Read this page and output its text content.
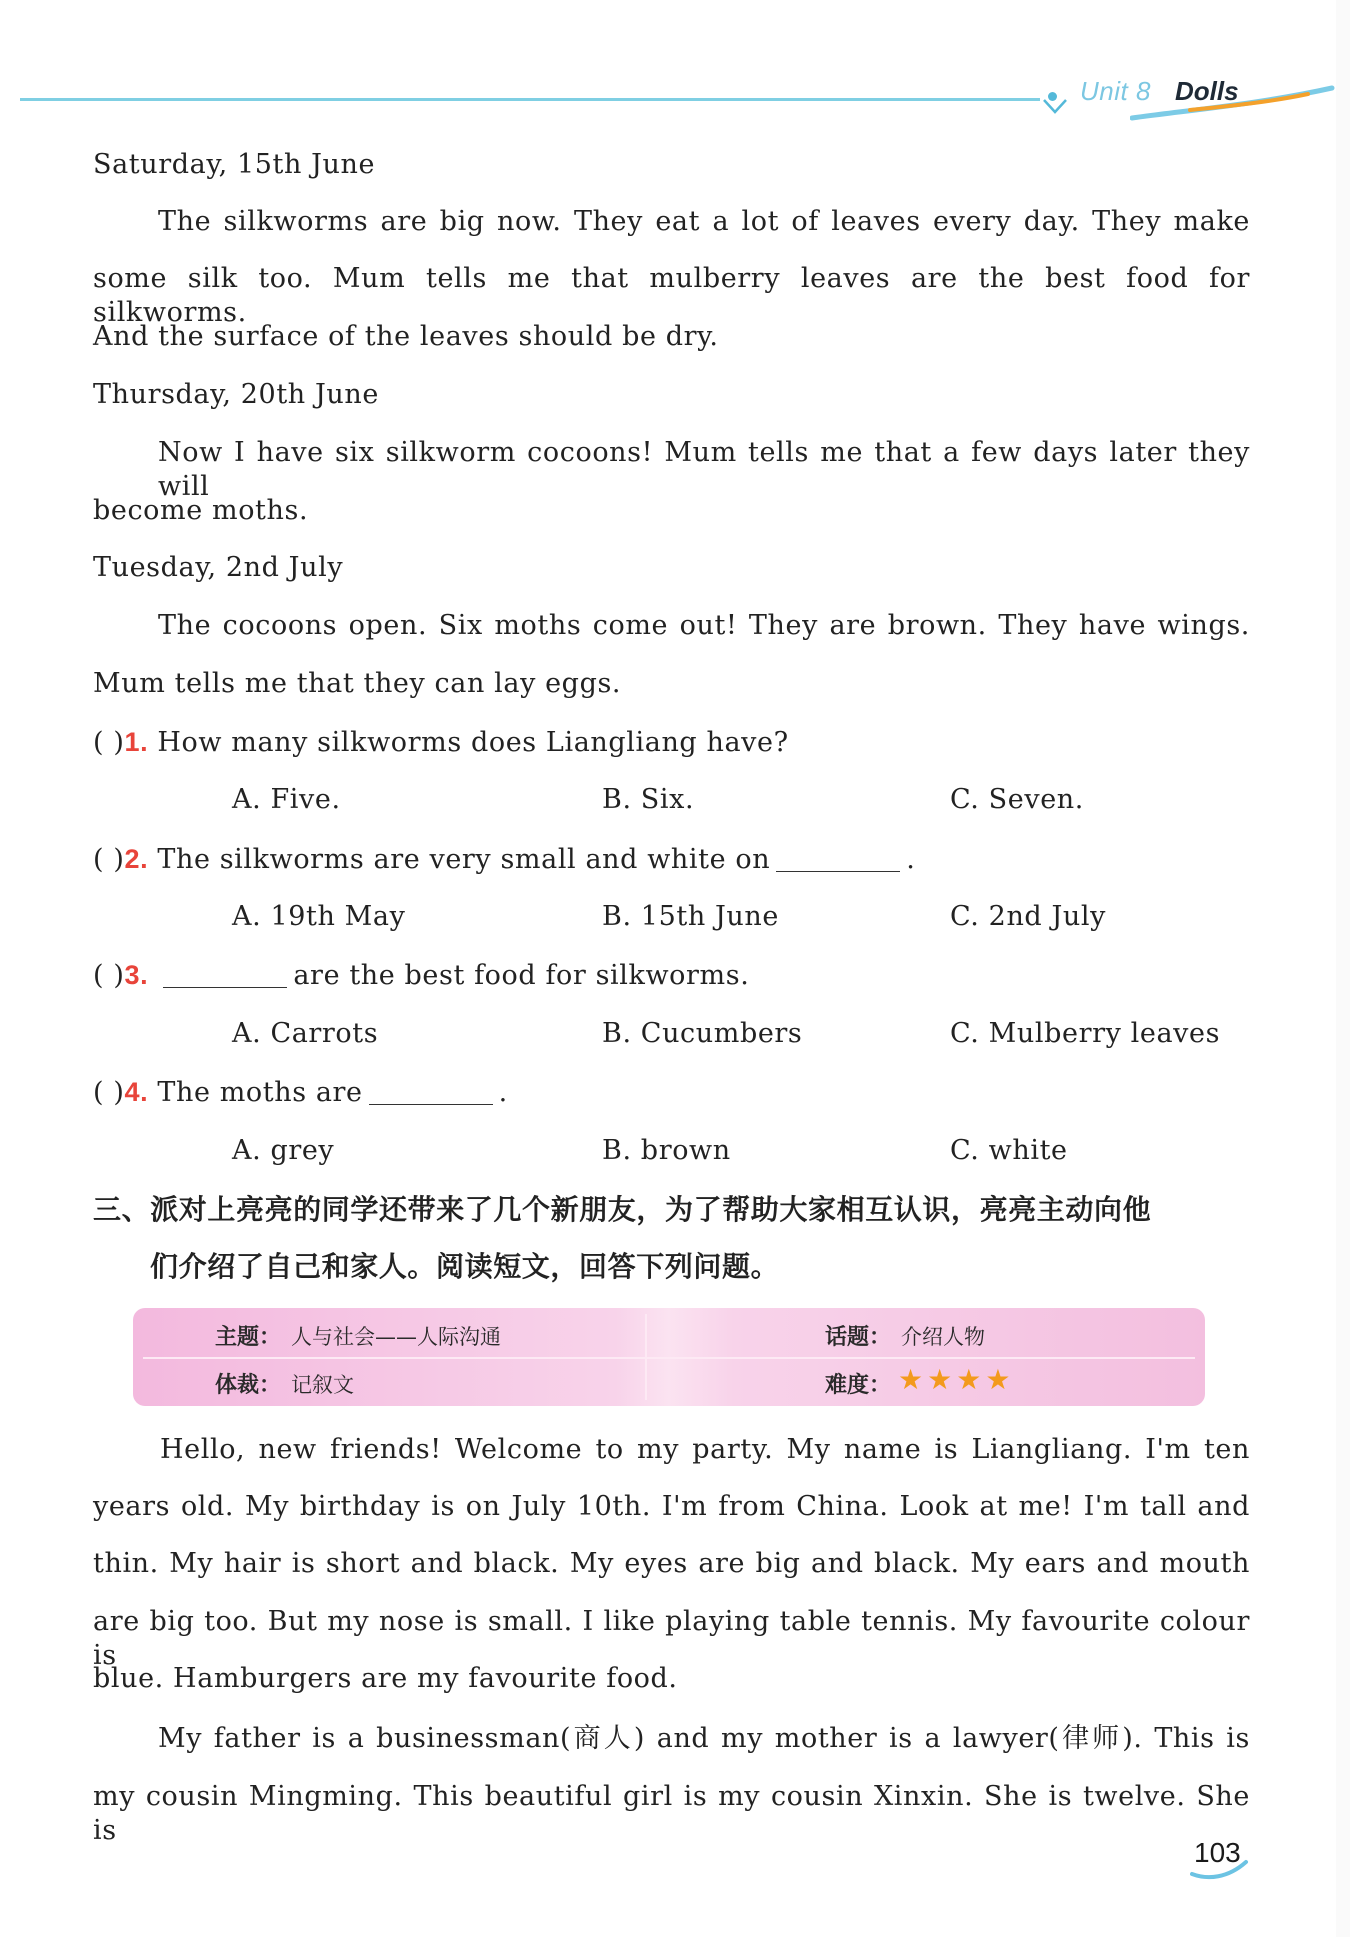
Unit 8 Dolls
Saturday, 15th June
The silkworms are big now. They eat a lot of leaves every day. They make
some silk too. Mum tells me that mulberry leaves are the best food for silkworms.
And the surface of the leaves should be dry.
Thursday, 20th June
Now I have six silkworm cocoons! Mum tells me that a few days later they will
become moths.
Tuesday, 2nd July
The cocoons open. Six moths come out! They are brown. They have wings.
Mum tells me that they can lay eggs.
( )1. How many silkworms does Liangliang have?
A. Five.	B. Six.	C. Seven.
( )2. The silkworms are very small and white on	.
A. 19th May	B. 15th June	C. 2nd July
( )3.	are the best food for silkworms.
A. Carrots	B. Cucumbers	C. Mulberry leaves
( )4. The moths are	.
A. grey	B. brown	C. white
三、派对上亮亮的同学还带来了几个新朋友，为了帮助大家相互认识，亮亮主动向他
们介绍了自己和家人。阅读短文，回答下列问题。
主题： 人与社会——人际沟通	话题： 介绍人物
体裁： 记叙文	难度： ★ ★ ★ ★
Hello, new friends! Welcome to my party. My name is Liangliang. I'm ten
years old. My birthday is on July 10th. I'm from China. Look at me! I'm tall and
thin. My hair is short and black. My eyes are big and black. My ears and mouth
are big too. But my nose is small. I like playing table tennis. My favourite colour is
blue. Hamburgers are my favourite food.
My father is a businessman(商人) and my mother is a lawyer(律师). This is
my cousin Mingming. This beautiful girl is my cousin Xinxin. She is twelve. She is
103
